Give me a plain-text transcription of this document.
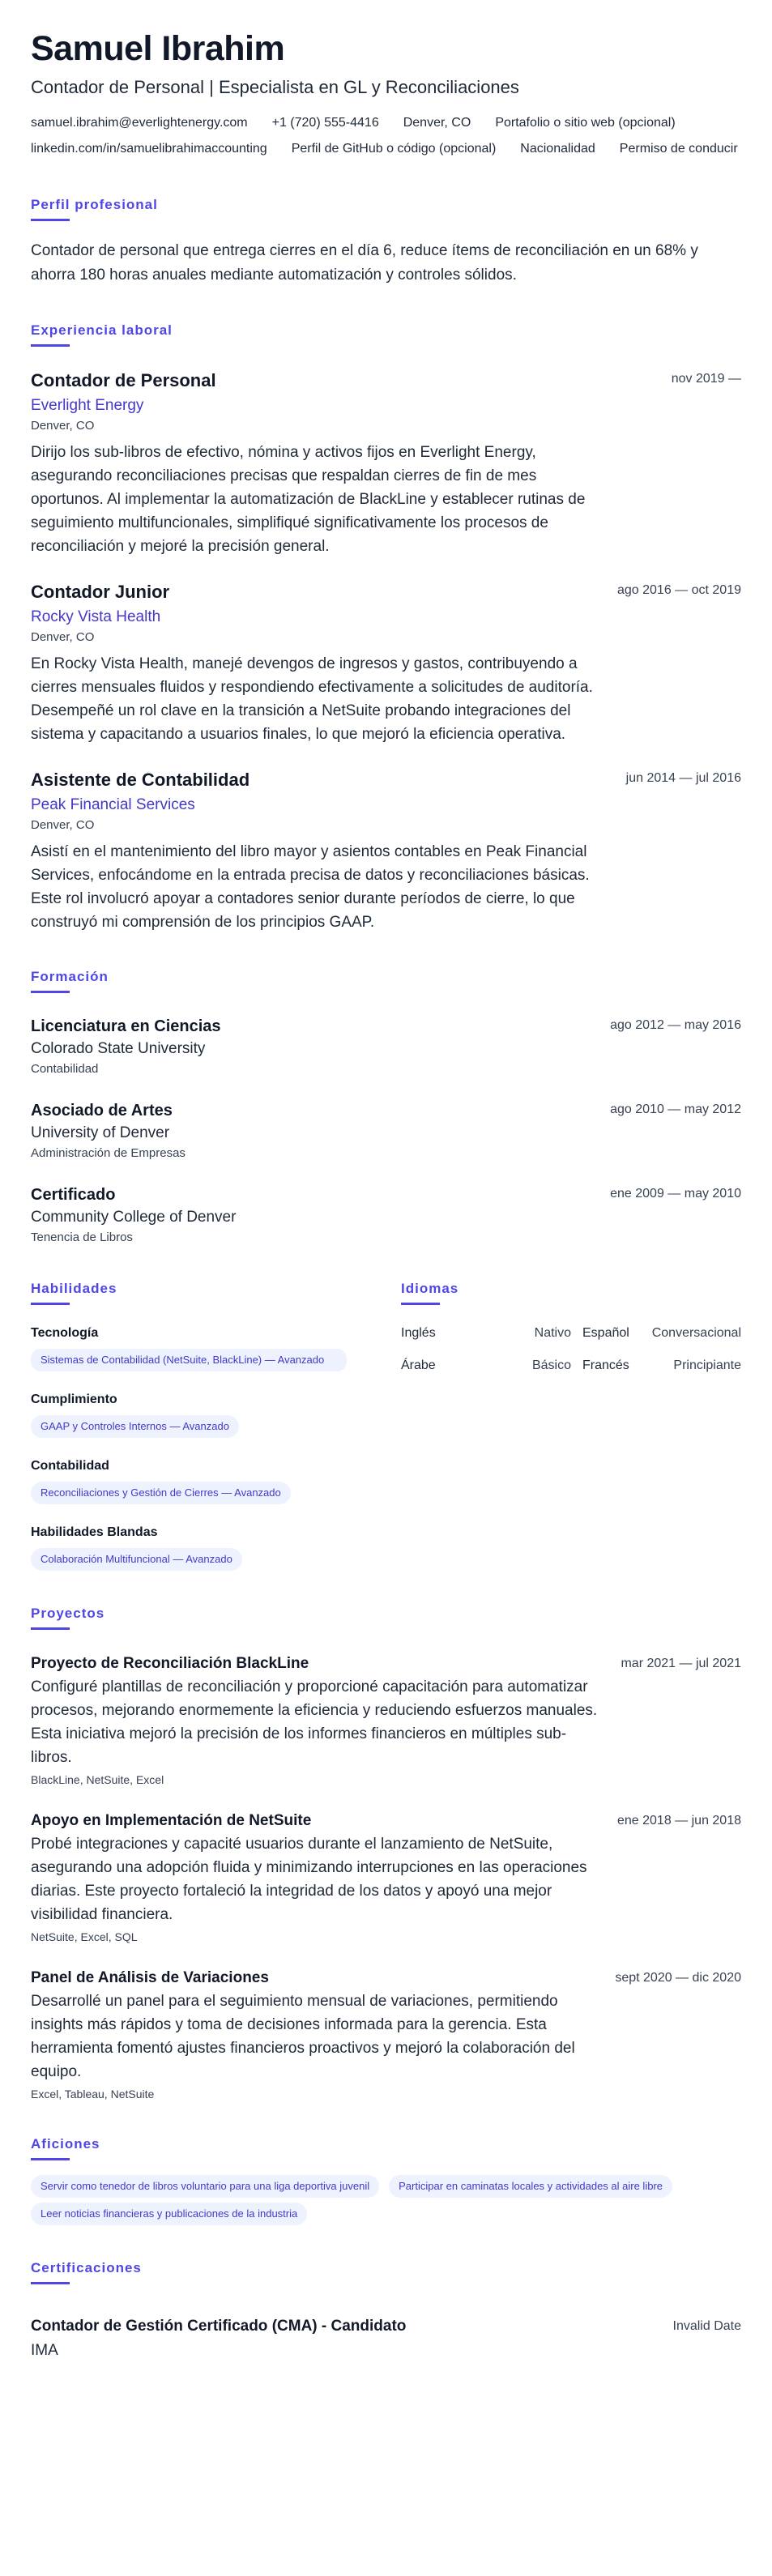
Samuel Ibrahim
Contador de Personal | Especialista en GL y Reconciliaciones
samuel.ibrahim@everlightenergy.com +1 (720) 555-4416 Denver, CO Portafolio o sitio web (opcional)
linkedin.com/in/samuelibrahimaccounting Perfil de GitHub o código (opcional) Nacionalidad Permiso de conducir
Perfil profesional
Contador de personal que entrega cierres en el día 6, reduce ítems de reconciliación en un 68% y ahorra 180 horas anuales mediante automatización y controles sólidos.
Experiencia laboral
Contador de Personal	nov 2019 —
Everlight Energy
Denver, CO
Dirijo los sub-libros de efectivo, nómina y activos fijos en Everlight Energy, asegurando reconciliaciones precisas que respaldan cierres de fin de mes oportunos. Al implementar la automatización de BlackLine y establecer rutinas de seguimiento multifuncionales, simplifiqué significativamente los procesos de reconciliación y mejoré la precisión general.
Contador Junior	ago 2016 — oct 2019
Rocky Vista Health
Denver, CO
En Rocky Vista Health, manejé devengos de ingresos y gastos, contribuyendo a cierres mensuales fluidos y respondiendo efectivamente a solicitudes de auditoría. Desempeñé un rol clave en la transición a NetSuite probando integraciones del sistema y capacitando a usuarios finales, lo que mejoró la eficiencia operativa.
Asistente de Contabilidad	jun 2014 — jul 2016
Peak Financial Services
Denver, CO
Asistí en el mantenimiento del libro mayor y asientos contables en Peak Financial Services, enfocándome en la entrada precisa de datos y reconciliaciones básicas. Este rol involucró apoyar a contadores senior durante períodos de cierre, lo que construyó mi comprensión de los principios GAAP.
Formación
Licenciatura en Ciencias	ago 2012 — may 2016
Colorado State University
Contabilidad
Asociado de Artes	ago 2010 — may 2012
University of Denver
Administración de Empresas
Certificado	ene 2009 — may 2010
Community College of Denver
Tenencia de Libros
Habilidades
Tecnología
Sistemas de Contabilidad (NetSuite, BlackLine) — Avanzado
Cumplimiento
GAAP y Controles Internos — Avanzado
Contabilidad
Reconciliaciones y Gestión de Cierres — Avanzado
Habilidades Blandas
Colaboración Multifuncional — Avanzado
Idiomas
Inglés	Nativo Español	Conversacional
Árabe	Básico Francés	Principiante
Proyectos
Proyecto de Reconciliación BlackLine	mar 2021 — jul 2021
Configuré plantillas de reconciliación y proporcioné capacitación para automatizar procesos, mejorando enormemente la eficiencia y reduciendo esfuerzos manuales. Esta iniciativa mejoró la precisión de los informes financieros en múltiples sub-libros.
BlackLine, NetSuite, Excel
Apoyo en Implementación de NetSuite	ene 2018 — jun 2018
Probé integraciones y capacité usuarios durante el lanzamiento de NetSuite, asegurando una adopción fluida y minimizando interrupciones en las operaciones diarias. Este proyecto fortaleció la integridad de los datos y apoyó una mejor visibilidad financiera.
NetSuite, Excel, SQL
Panel de Análisis de Variaciones	sept 2020 — dic 2020
Desarrollé un panel para el seguimiento mensual de variaciones, permitiendo insights más rápidos y toma de decisiones informada para la gerencia. Esta herramienta fomentó ajustes financieros proactivos y mejoró la colaboración del equipo.
Excel, Tableau, NetSuite
Aficiones
Servir como tenedor de libros voluntario para una liga deportiva juvenil	Participar en caminatas locales y actividades al aire libre
Leer noticias financieras y publicaciones de la industria
Certificaciones
Contador de Gestión Certificado (CMA) - Candidato	Invalid Date
IMA
